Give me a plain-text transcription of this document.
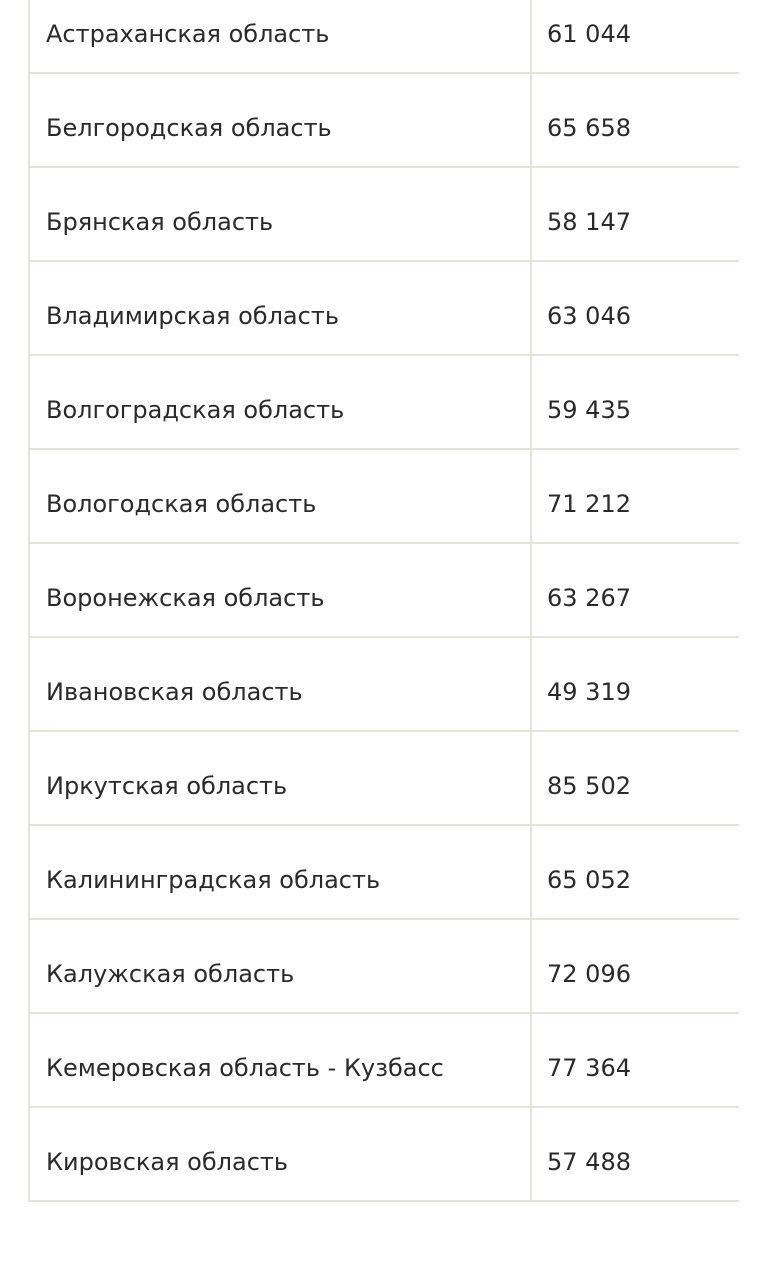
Астраханская область	61 044
Белгородская область	65 658
Брянская область	58 147
Владимирская область	63 046
Волгоградская область	59 435
Вологодская область	71 212
Воронежская область	63 267
Ивановская область	49 319
Иркутская область	85 502
Калининградская область	65 052
Калужская область	72 096
Кемеровская область - Кузбасс	77 364
Кировская область	57 488
